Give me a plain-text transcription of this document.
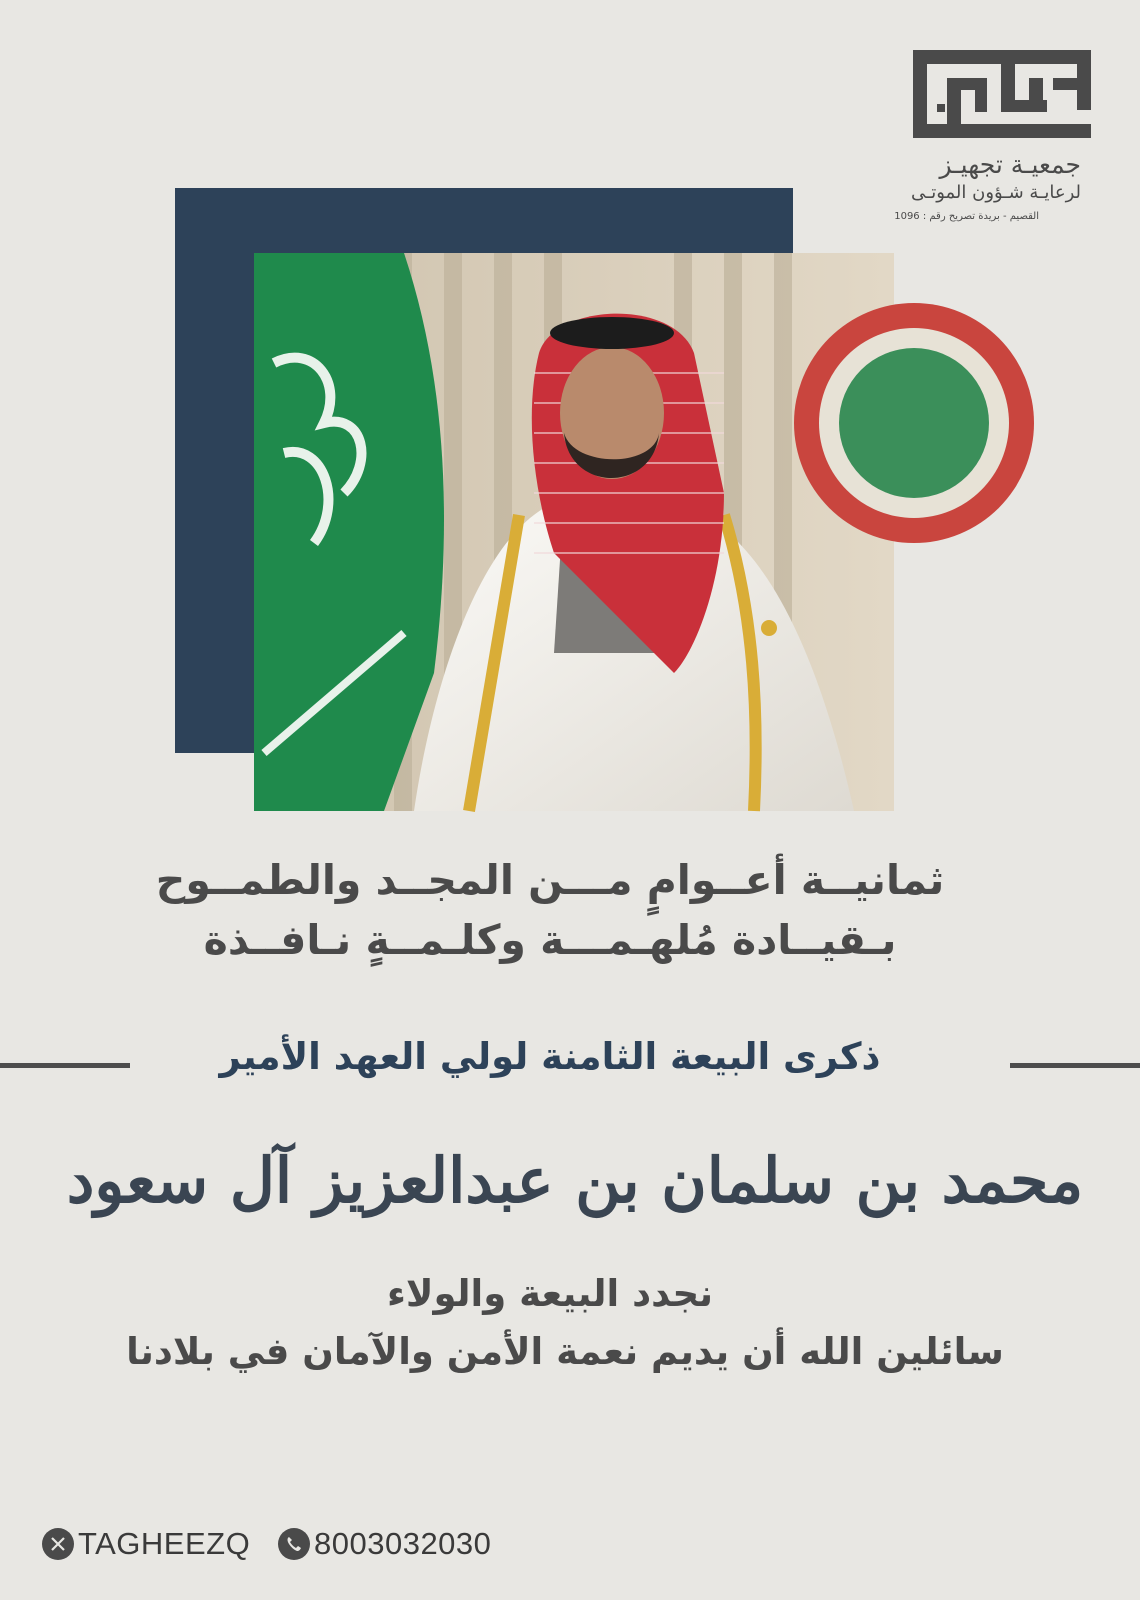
جمعيـة تجهيـز
لرعايـة شـؤون الموتـى
القصيم - بريدة تصريح رقم : 1096
ثمانيــة أعــوامٍ مـــن المجــد والطمــوح
بـقيــادة مُلهـمـــة وكلـمــةٍ نـافــذة
ذكرى البيعة الثامنة لولي العهد الأمير
محمد بن سلمان بن عبدالعزيز آل سعود
نجدد البيعة والولاء
سائلين الله أن يديم نعمة الأمن والآمان في بلادنا
TAGHEEZQ 8003032030
